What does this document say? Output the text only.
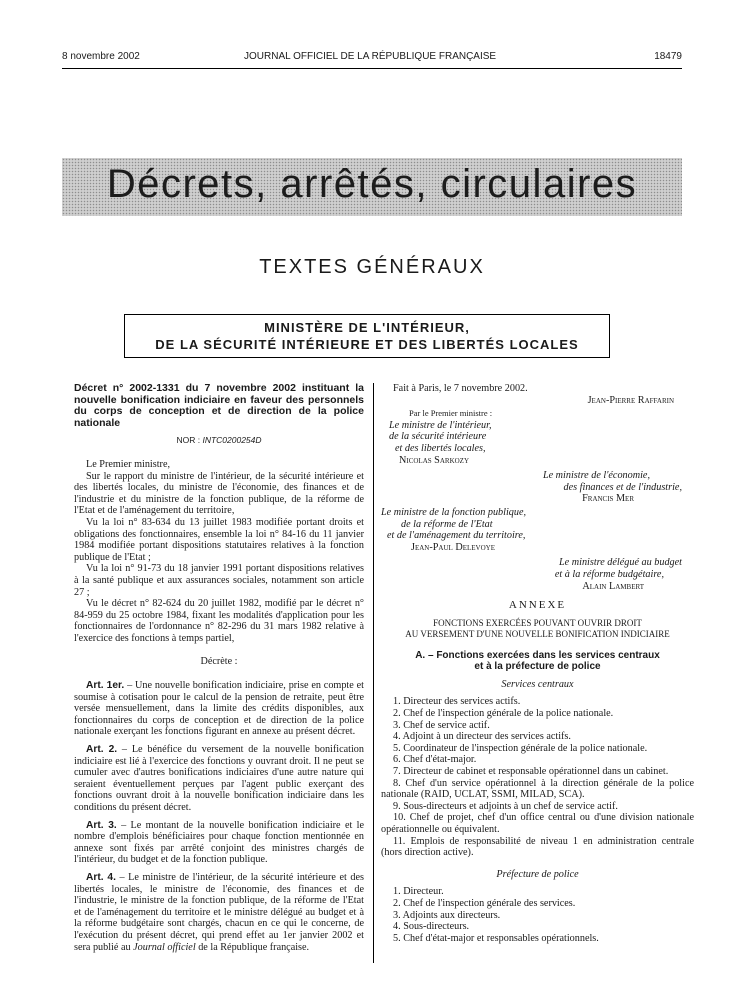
8 novembre 2002	JOURNAL OFFICIEL DE LA RÉPUBLIQUE FRANÇAISE	18479
Décrets, arrêtés, circulaires
TEXTES GÉNÉRAUX
MINISTÈRE DE L'INTÉRIEUR,
DE LA SÉCURITÉ INTÉRIEURE ET DES LIBERTÉS LOCALES
Décret n° 2002-1331 du 7 novembre 2002 instituant la nouvelle bonification indiciaire en faveur des personnels du corps de conception et de direction de la police nationale
NOR : INTC0200254D

Le Premier ministre,

Sur le rapport du ministre de l'intérieur, de la sécurité intérieure et des libertés locales, du ministre de l'économie, des finances et de l'industrie et du ministre de la fonction publique, de la réforme de l'Etat et de l'aménagement du territoire,

Vu la loi n° 83-634 du 13 juillet 1983 modifiée portant droits et obligations des fonctionnaires, ensemble la loi n° 84-16 du 11 janvier 1984 modifiée portant dispositions statutaires relatives à la fonction publique de l'Etat ;

Vu la loi n° 91-73 du 18 janvier 1991 portant dispositions relatives à la santé publique et aux assurances sociales, notamment son article 27 ;

Vu le décret n° 82-624 du 20 juillet 1982, modifié par le décret n° 84-959 du 25 octobre 1984, fixant les modalités d'application pour les fonctionnaires de l'ordonnance n° 82-296 du 31 mars 1982 relative à l'exercice des fonctions à temps partiel,

Décrète :

Art. 1er. – Une nouvelle bonification indiciaire, prise en compte et soumise à cotisation pour le calcul de la pension de retraite, peut être versée mensuellement, dans la limite des crédits disponibles, aux fonctionnaires du corps de conception et de direction de la police nationale exerçant les fonctions figurant en annexe au présent décret.

Art. 2. – Le bénéfice du versement de la nouvelle bonification indiciaire est lié à l'exercice des fonctions y ouvrant droit. Il ne peut se cumuler avec d'autres bonifications indiciaires d'une autre nature qui seraient éventuellement perçues par l'agent public exerçant des fonctions ouvrant droit à la nouvelle bonification indiciaire dans les conditions du présent décret.

Art. 3. – Le montant de la nouvelle bonification indiciaire et le nombre d'emplois bénéficiaires pour chaque fonction mentionnée en annexe sont fixés par arrêté conjoint des ministres chargés de l'intérieur, du budget et de la fonction publique.

Art. 4. – Le ministre de l'intérieur, de la sécurité intérieure et des libertés locales, le ministre de l'économie, des finances et de l'industrie, le ministre de la fonction publique, de la réforme de l'Etat et de l'aménagement du territoire et le ministre délégué au budget et à la réforme budgétaire sont chargés, chacun en ce qui le concerne, de l'exécution du présent décret, qui prend effet au 1er janvier 2002 et sera publié au Journal officiel de la République française.

Fait à Paris, le 7 novembre 2002.

Jean-Pierre Raffarin
Par le Premier ministre :
Le ministre de l'intérieur,
de la sécurité intérieure
et des libertés locales,
Nicolas Sarkozy
Le ministre de l'économie,
des finances et de l'industrie,
Francis Mer
Le ministre de la fonction publique,
de la réforme de l'Etat
et de l'aménagement du territoire,
Jean-Paul Delevoye
Le ministre délégué au budget
et à la réforme budgétaire,
Alain Lambert
ANNEXE
FONCTIONS EXERCÉES POUVANT OUVRIR DROIT
AU VERSEMENT D'UNE NOUVELLE BONIFICATION INDICIAIRE
A. – Fonctions exercées dans les services centraux
et à la préfecture de police
Services centraux
1. Directeur des services actifs.
2. Chef de l'inspection générale de la police nationale.
3. Chef de service actif.
4. Adjoint à un directeur des services actifs.
5. Coordinateur de l'inspection générale de la police nationale.
6. Chef d'état-major.
7. Directeur de cabinet et responsable opérationnel dans un cabinet.
8. Chef d'un service opérationnel à la direction générale de la police nationale (RAID, UCLAT, SSMI, MILAD, SCA).
9. Sous-directeurs et adjoints à un chef de service actif.
10. Chef de projet, chef d'un office central ou d'une division nationale opérationnelle ou équivalent.
11. Emplois de responsabilité de niveau 1 en administration centrale (hors direction active).
Préfecture de police
1. Directeur.
2. Chef de l'inspection générale des services.
3. Adjoints aux directeurs.
4. Sous-directeurs.
5. Chef d'état-major et responsables opérationnels.
